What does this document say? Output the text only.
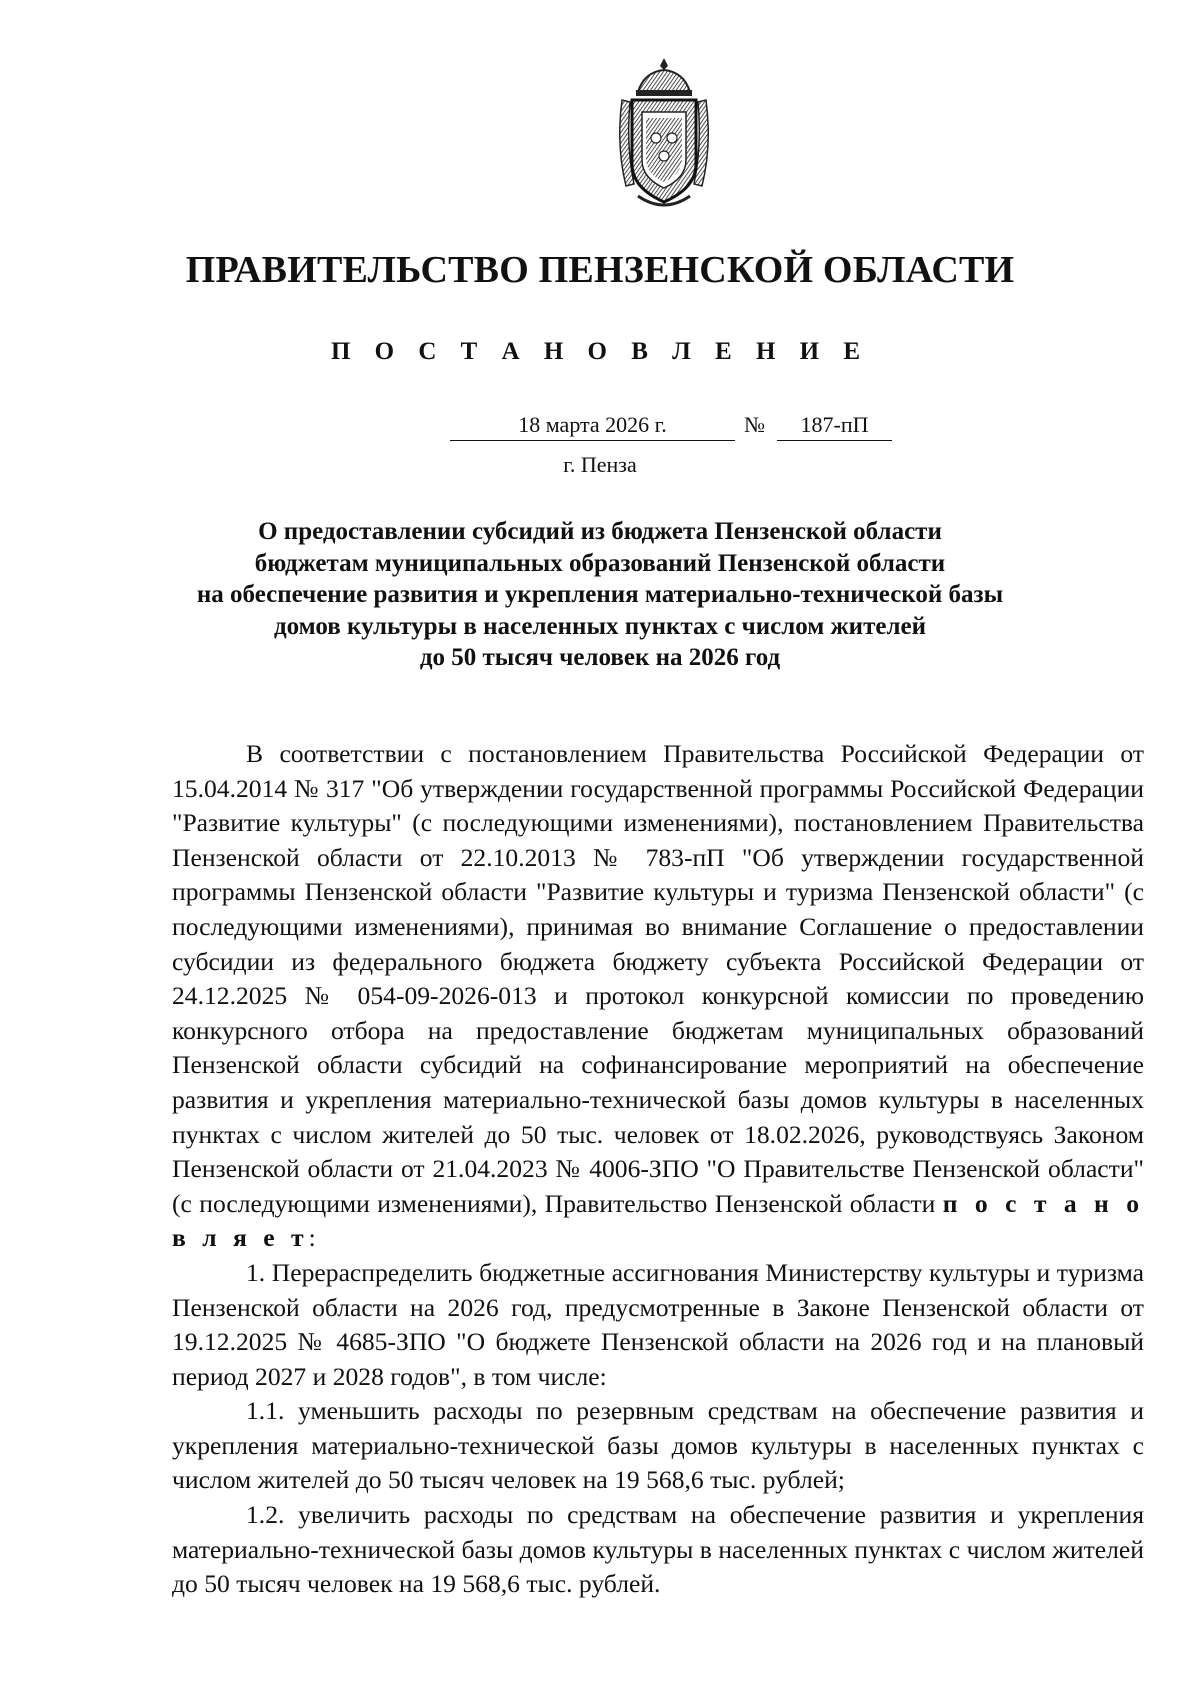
ПРАВИТЕЛЬСТВО ПЕНЗЕНСКОЙ ОБЛАСТИ
П О С Т А Н О В Л Е Н И Е
18 марта 2026 г.	№	187-пП
г. Пенза
О предоставлении субсидий из бюджета Пензенской области
бюджетам муниципальных образований Пензенской области
на обеспечение развития и укрепления материально-технической базы
домов культуры в населенных пунктах с числом жителей
до 50 тысяч человек на 2026 год

В соответствии с постановлением Правительства Российской Федерации от 15.04.2014 № 317 "Об утверждении государственной программы Российской Федерации "Развитие культуры" (с последующими изменениями), постановлением Правительства Пензенской области от 22.10.2013 № 783-пП "Об утверждении государственной программы Пензенской области "Развитие культуры и туризма Пензенской области" (с последующими изменениями), принимая во внимание Соглашение о предоставлении субсидии из федерального бюджета бюджету субъекта Российской Федерации от 24.12.2025 № 054-09-2026-013 и протокол конкурсной комиссии по проведению конкурсного отбора на предоставление бюджетам муниципальных образований Пензенской области субсидий на софинансирование мероприятий на обеспечение развития и укрепления материально-технической базы домов культуры в населенных пунктах с числом жителей до 50 тыс. человек от 18.02.2026, руководствуясь Законом Пензенской области от 21.04.2023 № 4006-ЗПО "О Правительстве Пензенской области" (с последующими изменениями), Правительство Пензенской области п о с т а н о в л я е т:

1. Перераспределить бюджетные ассигнования Министерству культуры и туризма Пензенской области на 2026 год, предусмотренные в Законе Пензенской области от 19.12.2025 № 4685-ЗПО "О бюджете Пензенской области на 2026 год и на плановый период 2027 и 2028 годов", в том числе:

1.1. уменьшить расходы по резервным средствам на обеспечение развития и укрепления материально-технической базы домов культуры в населенных пунктах с числом жителей до 50 тысяч человек на 19 568,6 тыс. рублей;

1.2. увеличить расходы по средствам на обеспечение развития и укрепления материально-технической базы домов культуры в населенных пунктах с числом жителей до 50 тысяч человек на 19 568,6 тыс. рублей.
